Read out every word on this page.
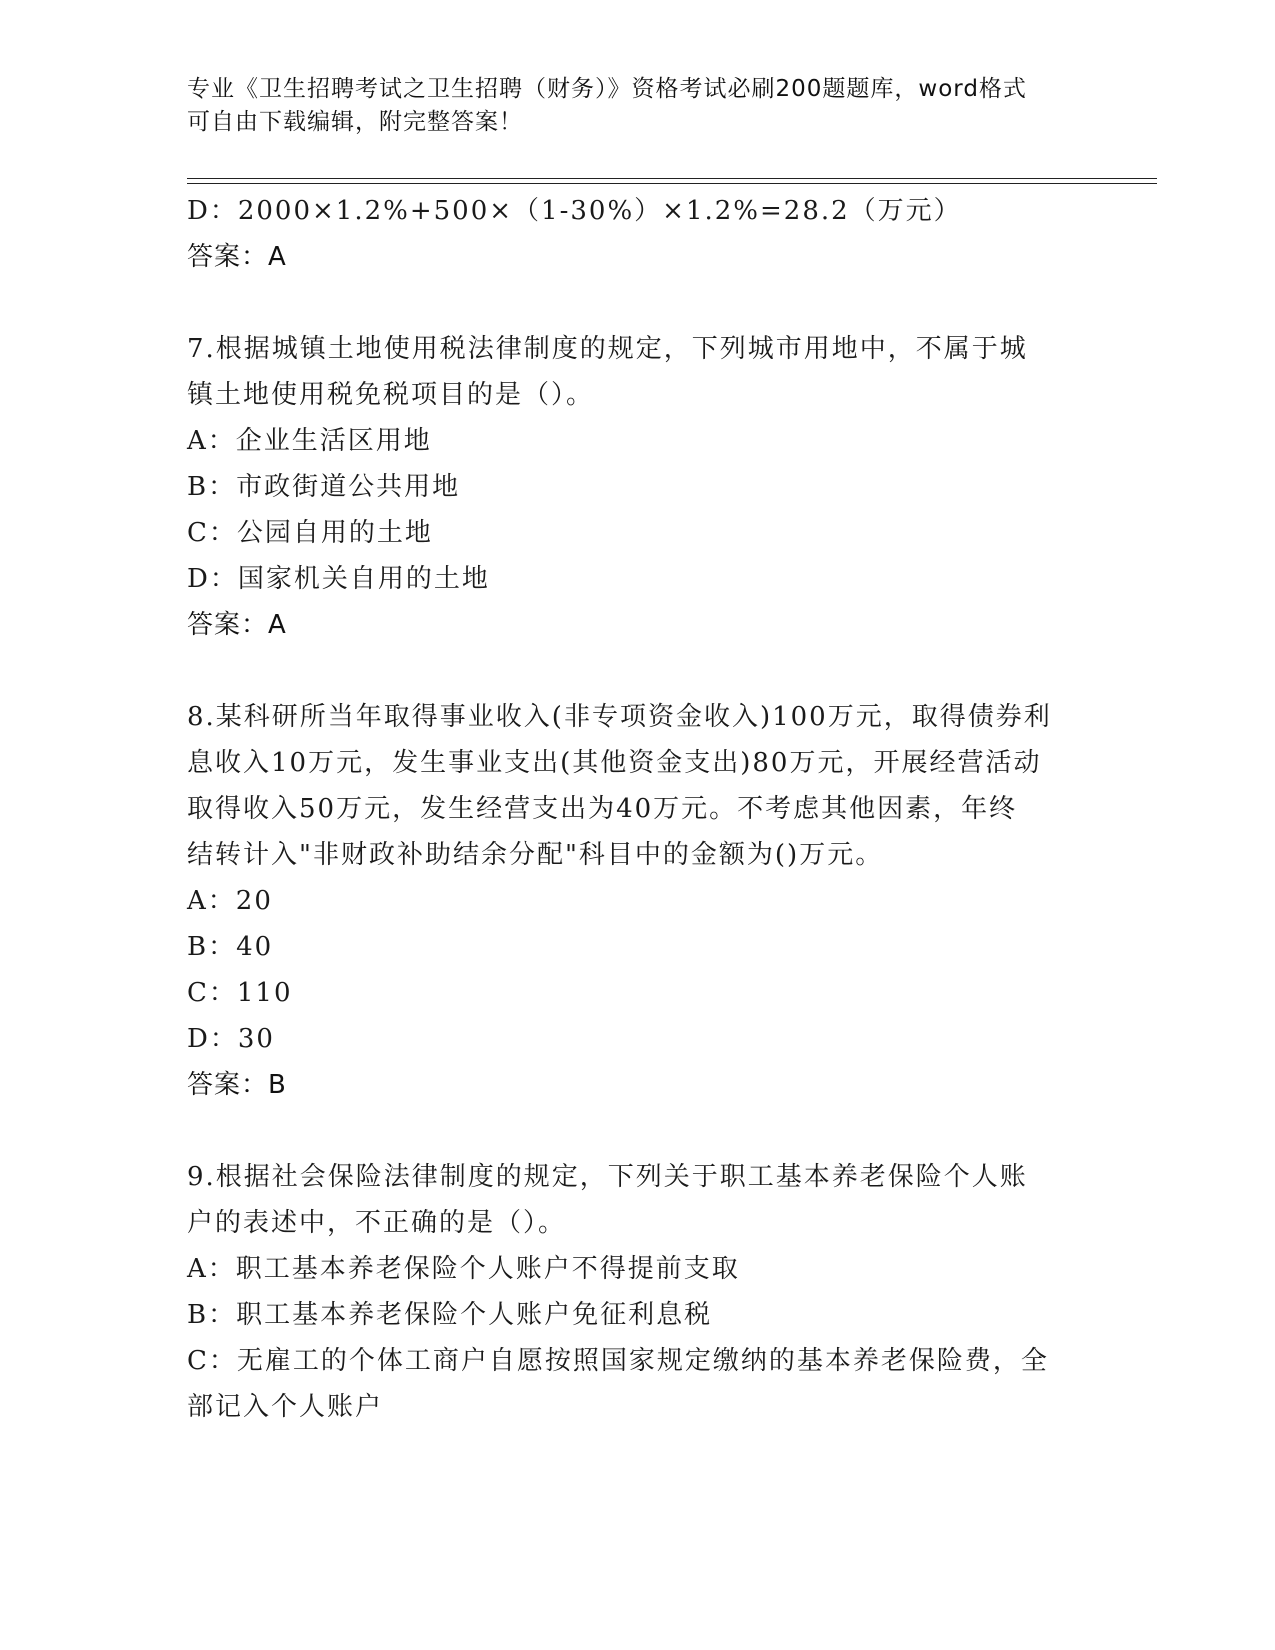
专业《卫生招聘考试之卫生招聘（财务）》资格考试必刷200题题库，word格式
可自由下载编辑，附完整答案！
D：2000×1.2%+500×（1-30%）×1.2%=28.2（万元）
答案：A
7.根据城镇土地使用税法律制度的规定，下列城市用地中，不属于城
镇土地使用税免税项目的是（）。
A：企业生活区用地
B：市政街道公共用地
C：公园自用的土地
D：国家机关自用的土地
答案：A
8.某科研所当年取得事业收入(非专项资金收入)100万元，取得债券利
息收入10万元，发生事业支出(其他资金支出)80万元，开展经营活动
取得收入50万元，发生经营支出为40万元。不考虑其他因素，年终
结转计入"非财政补助结余分配"科目中的金额为()万元。
A：20
B：40
C：110
D：30
答案：B
9.根据社会保险法律制度的规定，下列关于职工基本养老保险个人账
户的表述中，不正确的是（）。
A：职工基本养老保险个人账户不得提前支取
B：职工基本养老保险个人账户免征利息税
C：无雇工的个体工商户自愿按照国家规定缴纳的基本养老保险费，全
部记入个人账户
